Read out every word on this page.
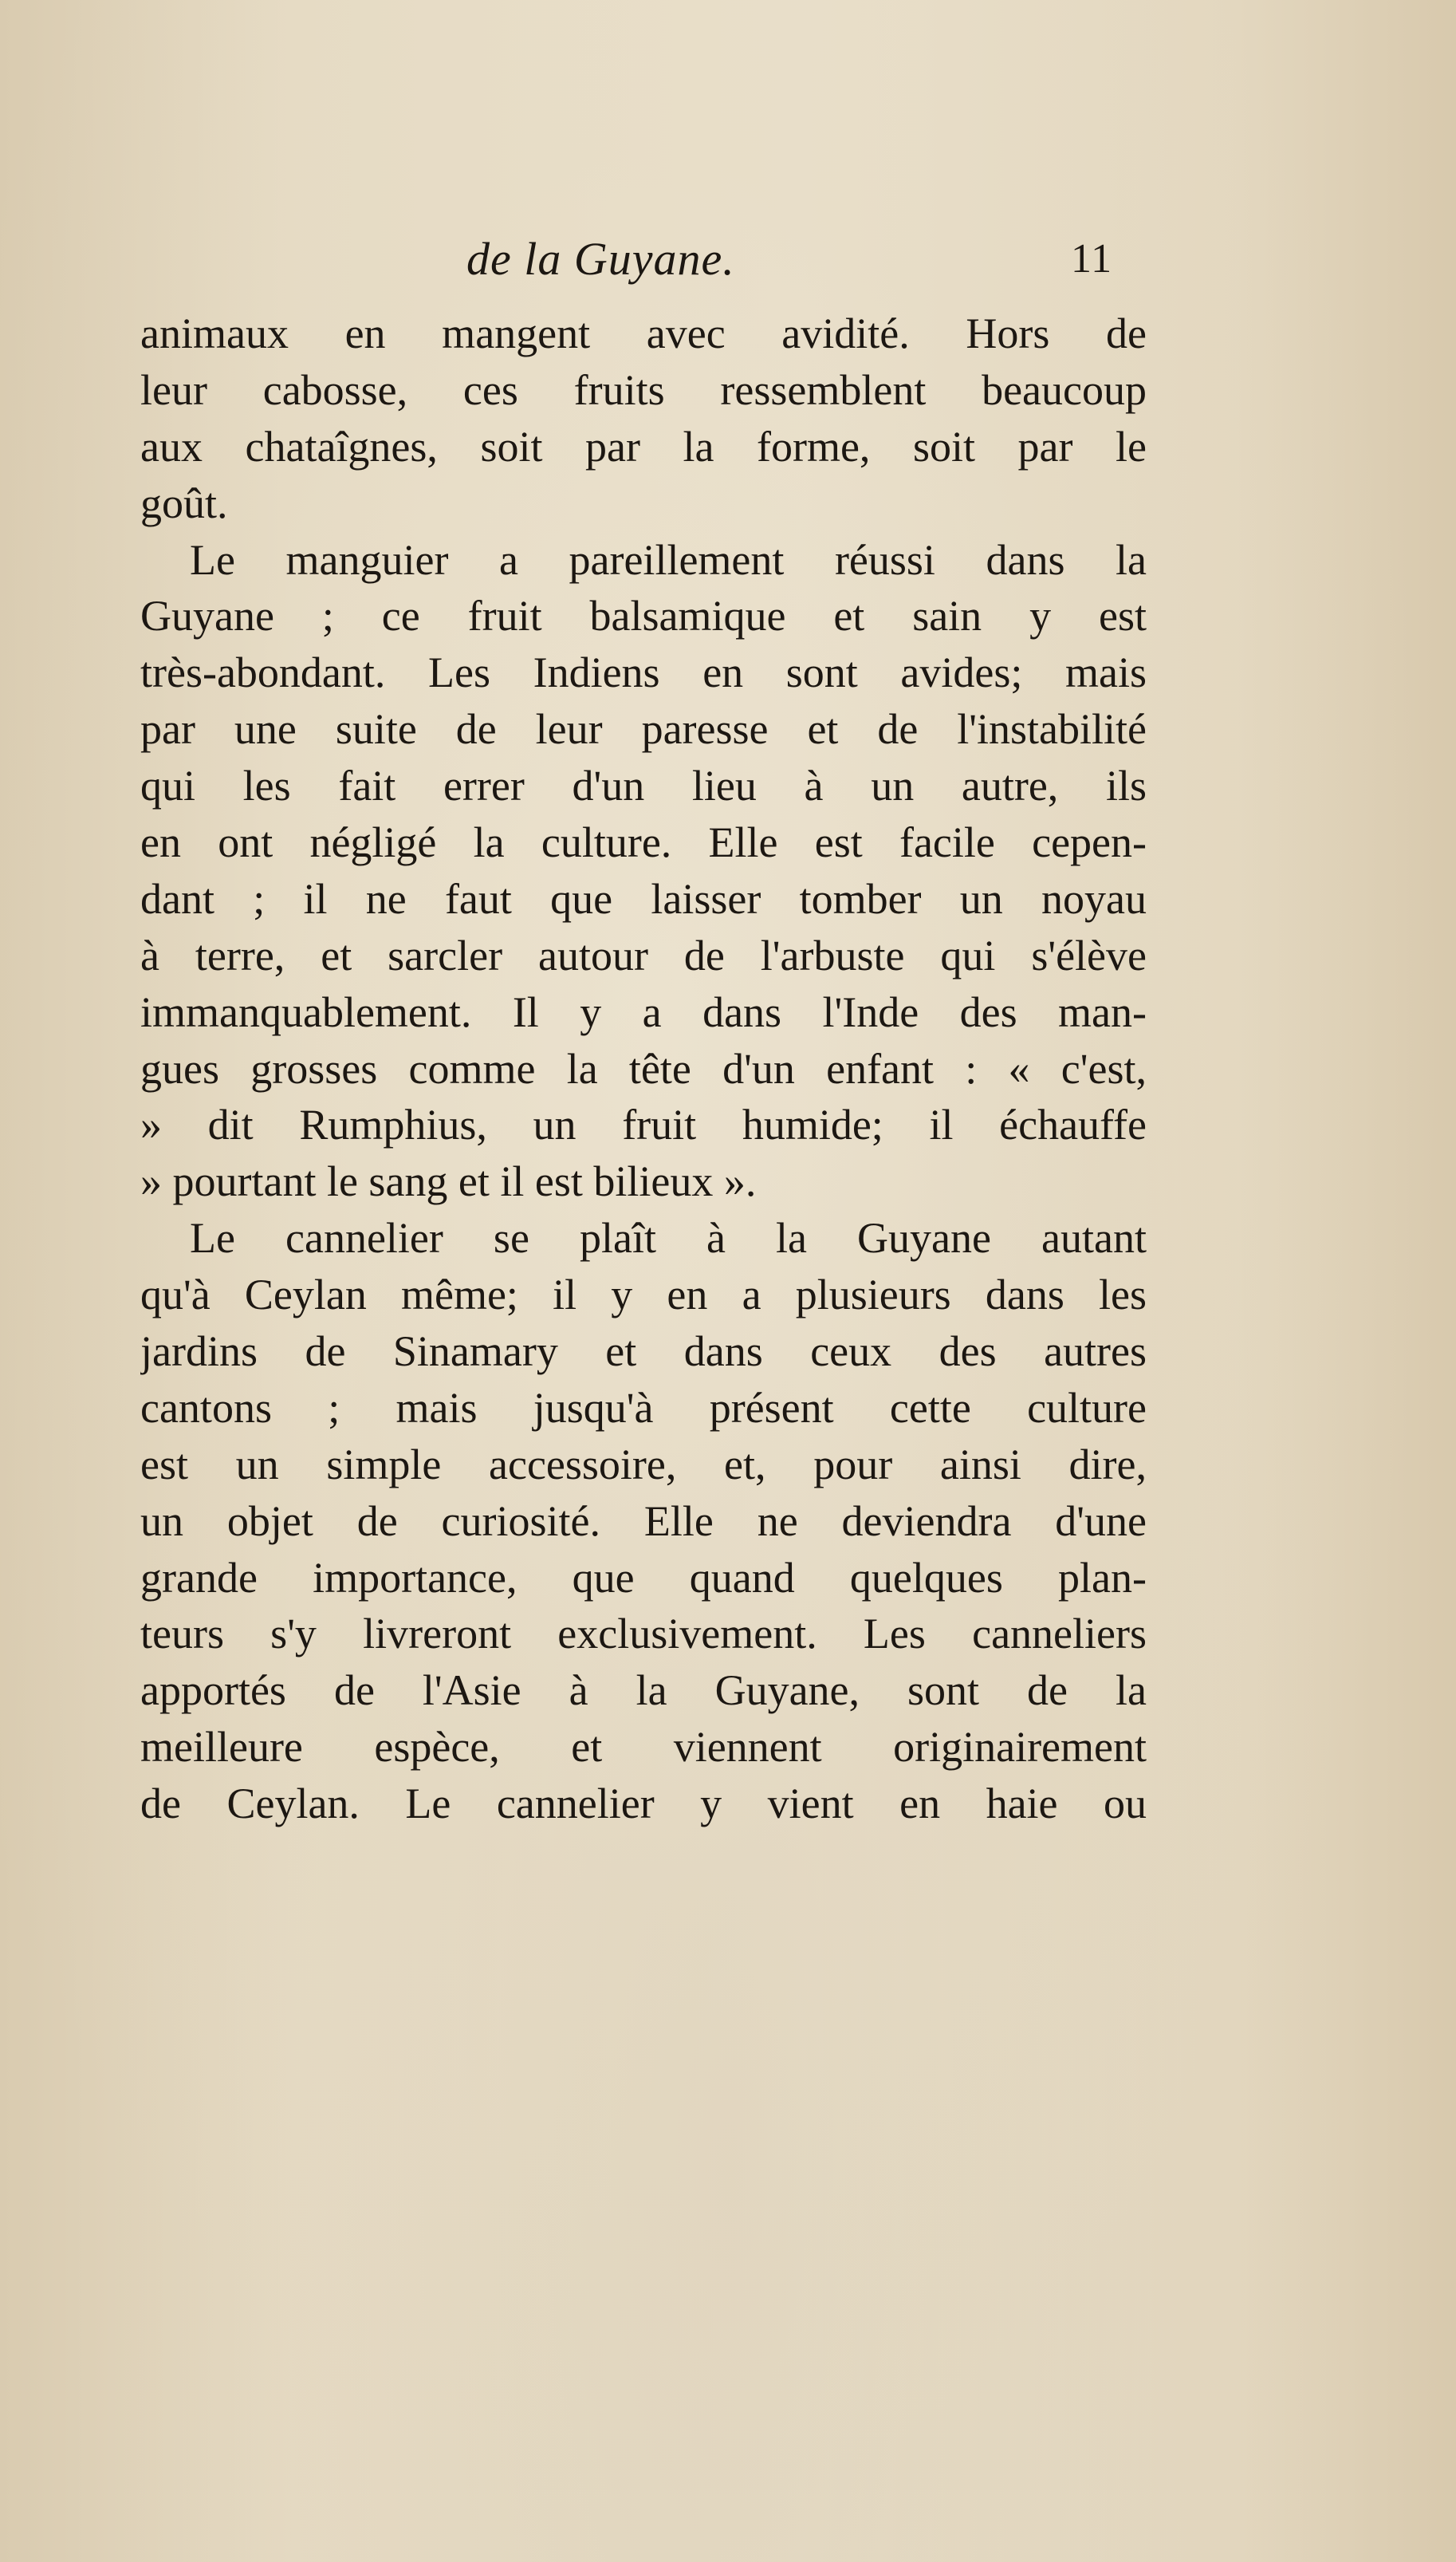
de la Guyane.	11
animaux en mangent avec avidité. Hors de
leur cabosse, ces fruits ressemblent beaucoup
aux chataîgnes, soit par la forme, soit par le
goût.
Le manguier a pareillement réussi dans la
Guyane ; ce fruit balsamique et sain y est
très-abondant. Les Indiens en sont avides; mais
par une suite de leur paresse et de l'instabilité
qui les fait errer d'un lieu à un autre, ils
en ont négligé la culture. Elle est facile cepen-
dant ; il ne faut que laisser tomber un noyau
à terre, et sarcler autour de l'arbuste qui s'élève
immanquablement. Il y a dans l'Inde des man-
gues grosses comme la tête d'un enfant : « c'est,
» dit Rumphius, un fruit humide; il échauffe
» pourtant le sang et il est bilieux ».
Le cannelier se plaît à la Guyane autant
qu'à Ceylan même; il y en a plusieurs dans les
jardins de Sinamary et dans ceux des autres
cantons ; mais jusqu'à présent cette culture
est un simple accessoire, et, pour ainsi dire,
un objet de curiosité. Elle ne deviendra d'une
grande importance, que quand quelques plan-
teurs s'y livreront exclusivement. Les canneliers
apportés de l'Asie à la Guyane, sont de la
meilleure espèce, et viennent originairement
de Ceylan. Le cannelier y vient en haie ou
